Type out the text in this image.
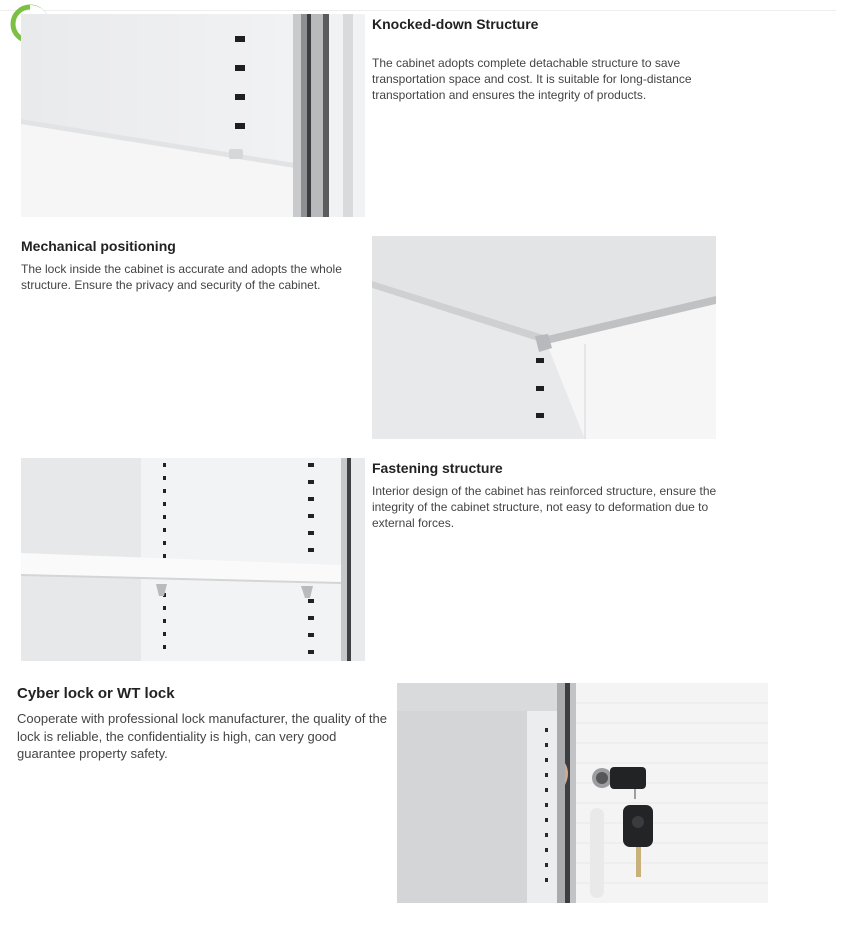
Knocked-down Structure

The cabinet adopts complete detachable structure to save transportation space and cost. It is suitable for long-distance transportation and ensures the integrity of products.

Mechanical positioning

The lock inside the cabinet is accurate and adopts the whole structure. Ensure the privacy and security of the cabinet.

Fastening structure

Interior design of the cabinet has reinforced structure, ensure the integrity of the cabinet structure, not easy to deformation due to external forces.

Cyber lock or WT lock

Cooperate with professional lock manufacturer, the quality of the lock is reliable, the confidentiality is high, can very good guarantee property safety.
